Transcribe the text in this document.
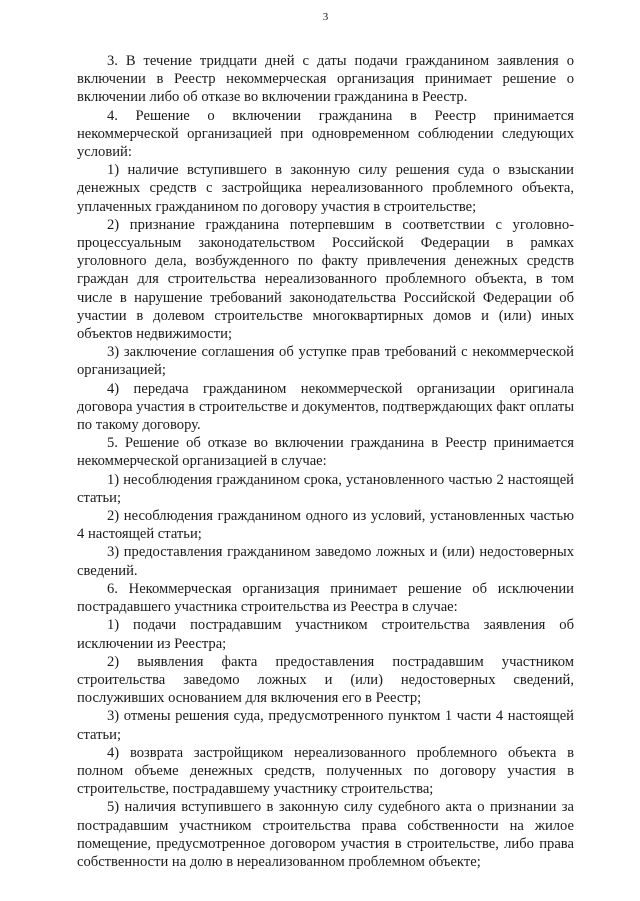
3

3. В течение тридцати дней с даты подачи гражданином заявления о включении в Реестр некоммерческая организация принимает решение о включении либо об отказе во включении гражданина в Реестр.

4. Решение о включении гражданина в Реестр принимается некоммерческой организацией при одновременном соблюдении следующих условий:

1) наличие вступившего в законную силу решения суда о взыскании денежных средств с застройщика нереализованного проблемного объекта, уплаченных гражданином по договору участия в строительстве;

2) признание гражданина потерпевшим в соответствии с уголовно-процессуальным законодательством Российской Федерации в рамках уголовного дела, возбужденного по факту привлечения денежных средств граждан для строительства нереализованного проблемного объекта, в том числе в нарушение требований законодательства Российской Федерации об участии в долевом строительстве многоквартирных домов и (или) иных объектов недвижимости;

3) заключение соглашения об уступке прав требований с некоммерческой организацией;

4) передача гражданином некоммерческой организации оригинала договора участия в строительстве и документов, подтверждающих факт оплаты по такому договору.

5. Решение об отказе во включении гражданина в Реестр принимается некоммерческой организацией в случае:

1) несоблюдения гражданином срока, установленного частью 2 настоящей статьи;

2) несоблюдения гражданином одного из условий, установленных частью 4 настоящей статьи;

3) предоставления гражданином заведомо ложных и (или) недостоверных сведений.

6. Некоммерческая организация принимает решение об исключении пострадавшего участника строительства из Реестра в случае:

1) подачи пострадавшим участником строительства заявления об исключении из Реестра;

2) выявления факта предоставления пострадавшим участником строительства заведомо ложных и (или) недостоверных сведений, послуживших основанием для включения его в Реестр;

3) отмены решения суда, предусмотренного пунктом 1 части 4 настоящей статьи;

4) возврата застройщиком нереализованного проблемного объекта в полном объеме денежных средств, полученных по договору участия в строительстве, пострадавшему участнику строительства;

5) наличия вступившего в законную силу судебного акта о признании за пострадавшим участником строительства права собственности на жилое помещение, предусмотренное договором участия в строительстве, либо права собственности на долю в нереализованном проблемном объекте;
